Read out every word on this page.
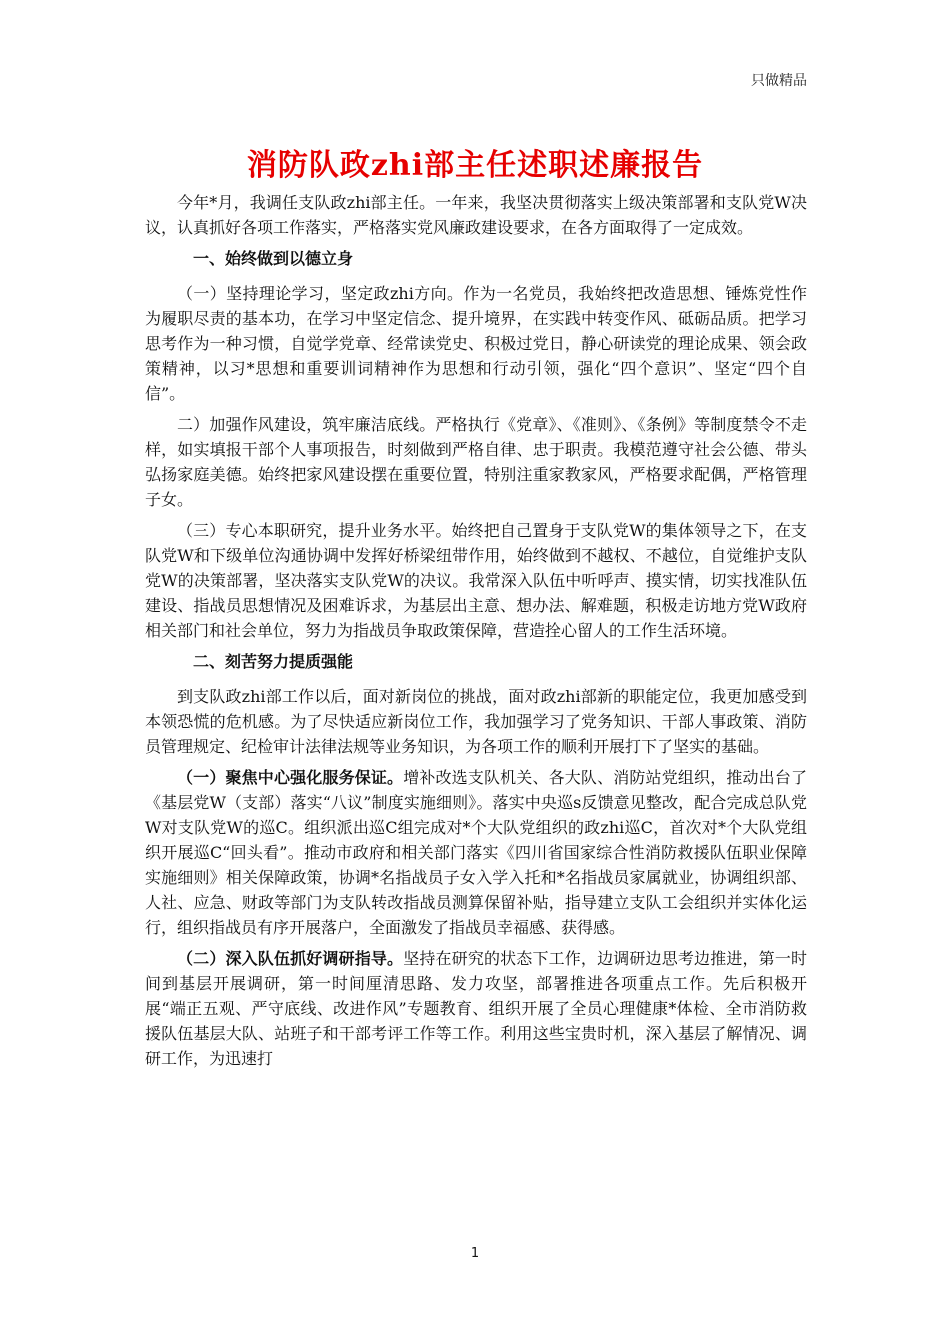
只做精品
消防队政zhi部主任述职述廉报告

今年*月，我调任支队政zhi部主任。一年来，我坚决贯彻落实上级决策部署和支队党W决议，认真抓好各项工作落实，严格落实党风廉政建设要求，在各方面取得了一定成效。

一、始终做到以德立身

（一）坚持理论学习，坚定政zhi方向。作为一名党员，我始终把改造思想、锤炼党性作为履职尽责的基本功，在学习中坚定信念、提升境界，在实践中转变作风、砥砺品质。把学习思考作为一种习惯，自觉学党章、经常读党史、积极过党日，静心研读党的理论成果、领会政策精神，以习*思想和重要训词精神作为思想和行动引领，强化“四个意识”、坚定“四个自信”。

二）加强作风建设，筑牢廉洁底线。严格执行《党章》、《准则》、《条例》等制度禁令不走样，如实填报干部个人事项报告，时刻做到严格自律、忠于职责。我模范遵守社会公德、带头弘扬家庭美德。始终把家风建设摆在重要位置，特别注重家教家风，严格要求配偶，严格管理子女。

（三）专心本职研究，提升业务水平。始终把自己置身于支队党W的集体领导之下，在支队党W和下级单位沟通协调中发挥好桥梁纽带作用，始终做到不越权、不越位，自觉维护支队党W的决策部署，坚决落实支队党W的决议。我常深入队伍中听呼声、摸实情，切实找准队伍建设、指战员思想情况及困难诉求，为基层出主意、想办法、解难题，积极走访地方党W政府相关部门和社会单位，努力为指战员争取政策保障，营造拴心留人的工作生活环境。

二、刻苦努力提质强能

到支队政zhi部工作以后，面对新岗位的挑战，面对政zhi部新的职能定位，我更加感受到本领恐慌的危机感。为了尽快适应新岗位工作，我加强学习了党务知识、干部人事政策、消防员管理规定、纪检审计法律法规等业务知识，为各项工作的顺利开展打下了坚实的基础。

（一）聚焦中心强化服务保证。增补改选支队机关、各大队、消防站党组织，推动出台了《基层党W（支部）落实“八议”制度实施细则》。落实中央巡s反馈意见整改，配合完成总队党W对支队党W的巡C。组织派出巡C组完成对*个大队党组织的政zhi巡C，首次对*个大队党组织开展巡C“回头看”。推动市政府和相关部门落实《四川省国家综合性消防救援队伍职业保障实施细则》相关保障政策，协调*名指战员子女入学入托和*名指战员家属就业，协调组织部、人社、应急、财政等部门为支队转改指战员测算保留补贴，指导建立支队工会组织并实体化运行，组织指战员有序开展落户，全面激发了指战员幸福感、获得感。

（二）深入队伍抓好调研指导。坚持在研究的状态下工作，边调研边思考边推进，第一时间到基层开展调研，第一时间厘清思路、发力攻坚，部署推进各项重点工作。先后积极开展“端正五观、严守底线、改进作风”专题教育、组织开展了全员心理健康*体检、全市消防救援队伍基层大队、站班子和干部考评工作等工作。利用这些宝贵时机，深入基层了解情况、调研工作，为迅速打

1
